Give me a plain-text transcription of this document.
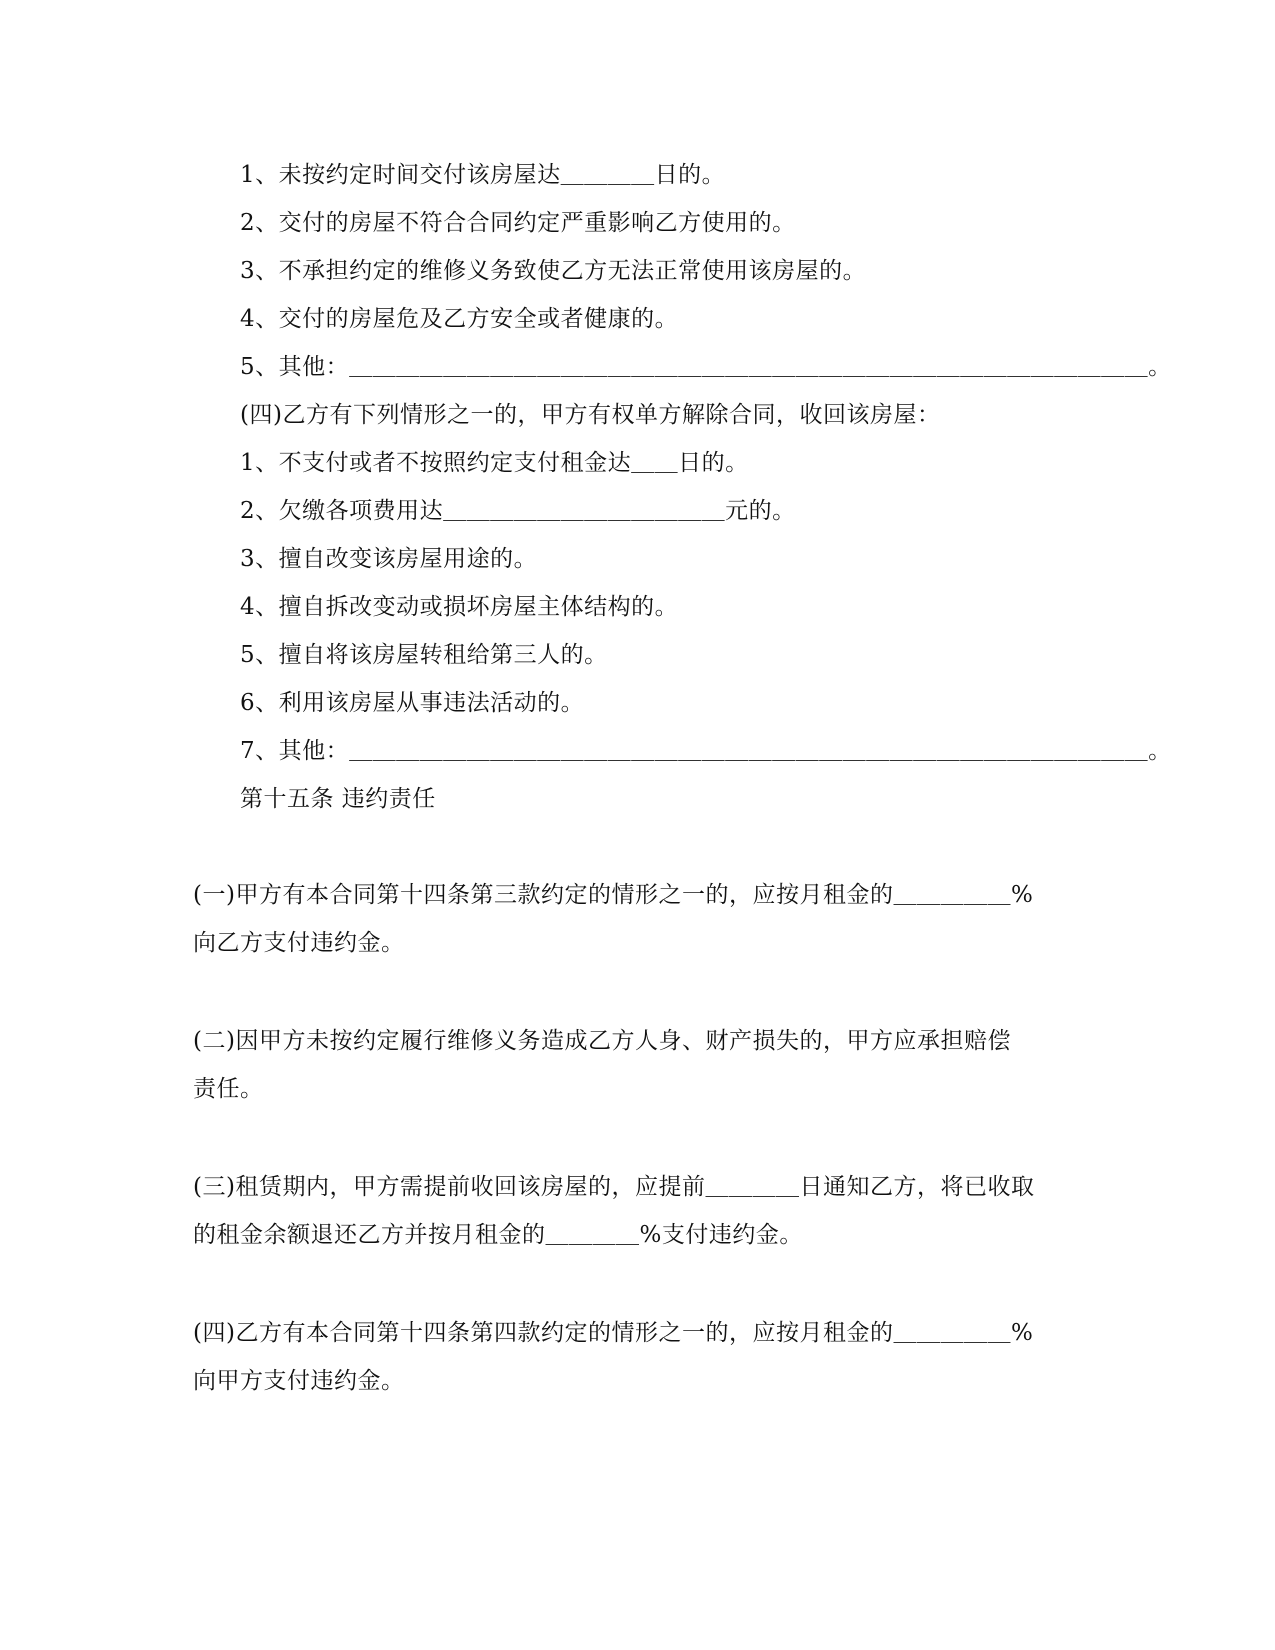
1、未按约定时间交付该房屋达＿＿＿＿日的。
2、交付的房屋不符合合同约定严重影响乙方使用的。
3、不承担约定的维修义务致使乙方无法正常使用该房屋的。
4、交付的房屋危及乙方安全或者健康的。
5、其他：＿＿＿＿＿＿＿＿＿＿＿＿＿＿＿＿＿＿＿＿＿＿＿＿＿＿＿＿＿＿＿＿＿＿。
(四)乙方有下列情形之一的，甲方有权单方解除合同，收回该房屋：
1、不支付或者不按照约定支付租金达＿＿日的。
2、欠缴各项费用达＿＿＿＿＿＿＿＿＿＿＿＿元的。
3、擅自改变该房屋用途的。
4、擅自拆改变动或损坏房屋主体结构的。
5、擅自将该房屋转租给第三人的。
6、利用该房屋从事违法活动的。
7、其他：＿＿＿＿＿＿＿＿＿＿＿＿＿＿＿＿＿＿＿＿＿＿＿＿＿＿＿＿＿＿＿＿＿＿。
第十五条 违约责任
(一)甲方有本合同第十四条第三款约定的情形之一的，应按月租金的＿＿＿＿＿%
向乙方支付违约金。
(二)因甲方未按约定履行维修义务造成乙方人身、财产损失的，甲方应承担赔偿
责任。
(三)租赁期内，甲方需提前收回该房屋的，应提前＿＿＿＿日通知乙方，将已收取
的租金余额退还乙方并按月租金的＿＿＿＿%支付违约金。
(四)乙方有本合同第十四条第四款约定的情形之一的，应按月租金的＿＿＿＿＿%
向甲方支付违约金。
